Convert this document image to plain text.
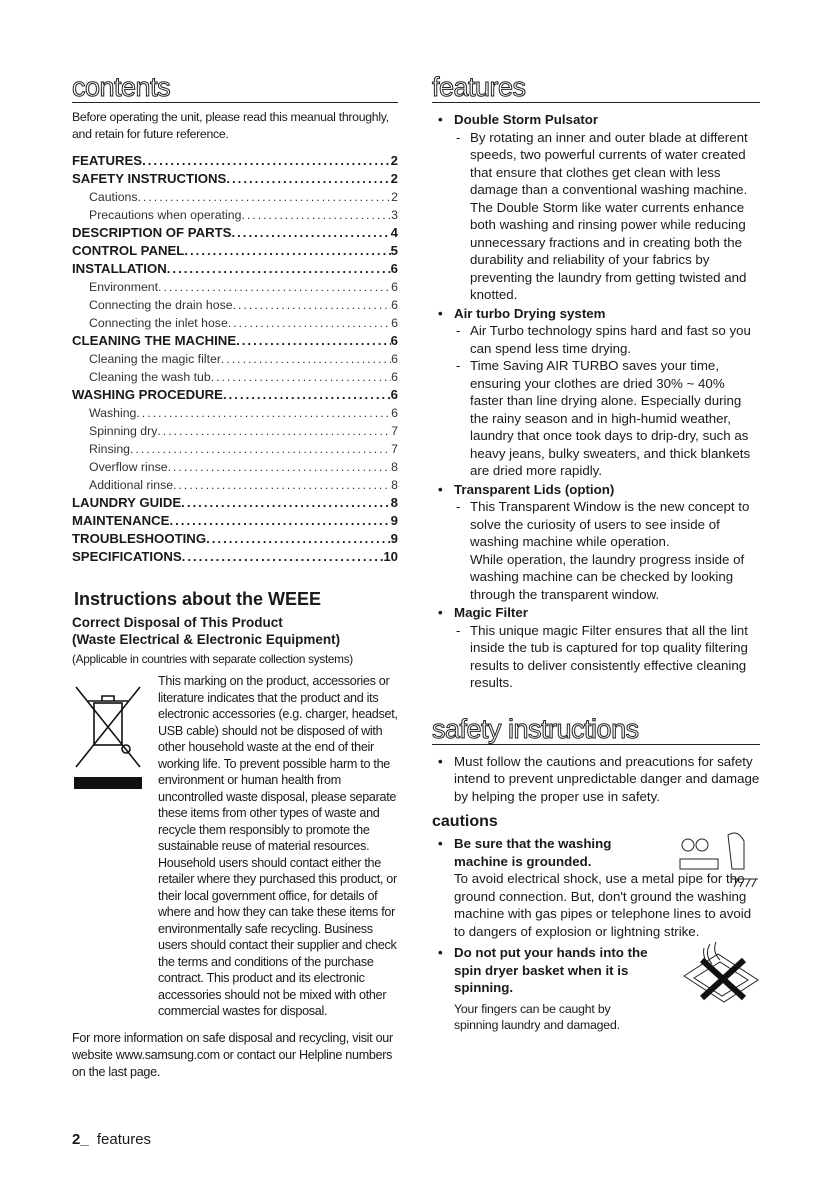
contents

Before operating the unit, please read this meanual throughly, and retain for future reference.

FEATURES .....	2
SAFETY INSTRUCTIONS .....	2
Cautions .....	2
Precautions when operating .....	3
DESCRIPTION OF PARTS .....	4
CONTROL PANEL .....	5
INSTALLATION .....	6
Environment .....	6
Connecting the drain hose .....	6
Connecting the inlet hose .....	6
CLEANING THE MACHINE .....	6
Cleaning the magic filter .....	6
Cleaning the wash tub .....	6
WASHING PROCEDURE .....	6
Washing .....	6
Spinning dry .....	7
Rinsing .....	7
Overflow rinse .....	8
Additional rinse .....	8
LAUNDRY GUIDE .....	8
MAINTENANCE .....	9
TROUBLESHOOTING .....	9
SPECIFICATIONS .....	10
Instructions about the WEEE

Correct Disposal of This Product

(Waste Electrical & Electronic Equipment)

(Applicable in countries with separate collection systems)

This marking on the product, accessories or literature indicates that the product and its electronic accessories (e.g. charger, headset, USB cable) should not be disposed of with other household waste at the end of their working life. To prevent possible harm to the environment or human health from uncontrolled waste disposal, please separate these items from other types of waste and recycle them responsibly to promote the sustainable reuse of material resources. Household users should contact either the retailer where they purchased this product, or their local government office, for details of where and how they can take these items for environmentally safe recycling. Business users should contact their supplier and check the terms and conditions of the purchase contract. This product and its electronic accessories should not be mixed with other commercial wastes for disposal.

For more information on safe disposal and recycling, visit our website www.samsung.com or contact our Helpline numbers on the last page.

features
• Double Storm Pulsator
- By rotating an inner and outer blade at different speeds, two powerful currents of water created that ensure that clothes get clean with less damage than a conventional washing machine. The Double Storm like water currents enhance both washing and rinsing power while reducing unnecessary fractions and in creating both the durability and reliability of your fabrics by preventing the laundry from getting twisted and knotted.
• Air turbo Drying system
- Air Turbo technology spins hard and fast so you can spend less time drying.
- Time Saving AIR TURBO saves your time, ensuring your clothes are dried 30% ~ 40% faster than line drying alone. Especially during the rainy season and in high-humid weather, laundry that once took days to drip-dry, such as heavy jeans, bulky sweaters, and thick blankets are dried more rapidly.
• Transparent Lids (option)
- This Transparent Window is the new concept to solve the curiosity of users to see inside of washing machine while operation.
While operation, the laundry progress inside of washing machine can be checked by looking through the transparent window.
• Magic Filter
- This unique magic Filter ensures that all the lint inside the tub is captured for top quality filtering results to deliver consistently effective cleaning results.
safety instructions
• Must follow the cautions and preacutions for safety intend to prevent unpredictable danger and damage by helping the proper use in safety.
cautions
• Be sure that the washing machine is grounded.
To avoid electrical shock, use a metal pipe for the ground connection. But, don't ground the washing machine with gas pipes or telephone lines to avoid to dangers of explosion or lightning strike.
• Do not put your hands into the spin dryer basket when it is spinning.
Your fingers can be caught by spinning laundry and damaged.
2_ features
